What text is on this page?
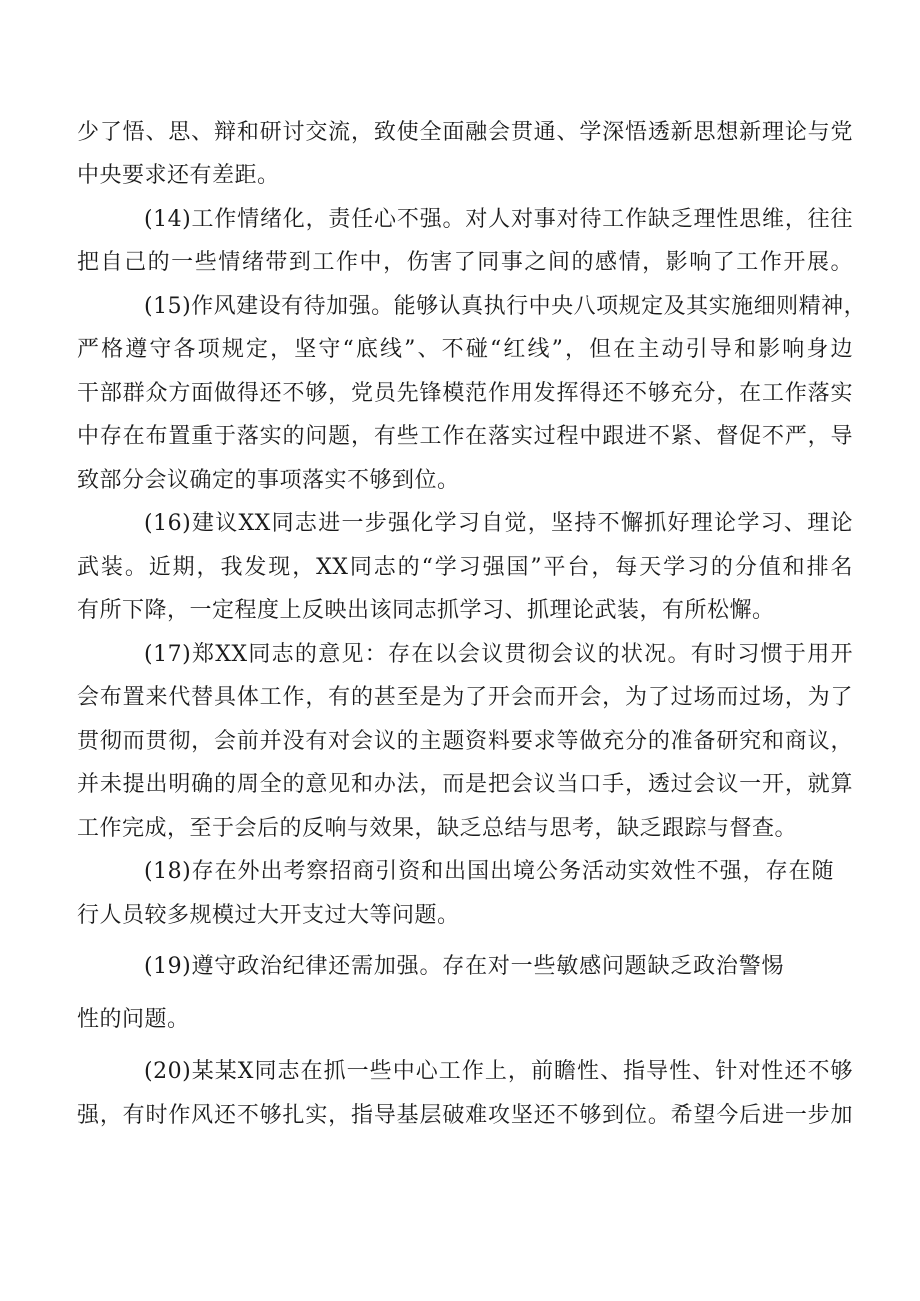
少了悟、思、辩和研讨交流，致使全面融会贯通、学深悟透新思想新理论与党
中央要求还有差距。
(14)工作情绪化，责任心不强。对人对事对待工作缺乏理性思维，往往
把自己的一些情绪带到工作中，伤害了同事之间的感情，影响了工作开展。
(15)作风建设有待加强。能够认真执行中央八项规定及其实施细则精神，
严格遵守各项规定，坚守“底线”、不碰“红线”，但在主动引导和影响身边
干部群众方面做得还不够，党员先锋模范作用发挥得还不够充分，在工作落实
中存在布置重于落实的问题，有些工作在落实过程中跟进不紧、督促不严，导
致部分会议确定的事项落实不够到位。
(16)建议XX同志进一步强化学习自觉，坚持不懈抓好理论学习、理论
武装。近期，我发现，XX同志的“学习强国”平台，每天学习的分值和排名
有所下降，一定程度上反映出该同志抓学习、抓理论武装，有所松懈。
(17)郑XX同志的意见：存在以会议贯彻会议的状况。有时习惯于用开
会布置来代替具体工作，有的甚至是为了开会而开会，为了过场而过场，为了
贯彻而贯彻，会前并没有对会议的主题资料要求等做充分的准备研究和商议，
并未提出明确的周全的意见和办法，而是把会议当口手，透过会议一开，就算
工作完成，至于会后的反响与效果，缺乏总结与思考，缺乏跟踪与督查。
(18)存在外出考察招商引资和出国出境公务活动实效性不强，存在随
行人员较多规模过大开支过大等问题。
(19)遵守政治纪律还需加强。存在对一些敏感问题缺乏政治警惕
性的问题。
(20)某某X同志在抓一些中心工作上，前瞻性、指导性、针对性还不够
强，有时作风还不够扎实，指导基层破难攻坚还不够到位。希望今后进一步加
